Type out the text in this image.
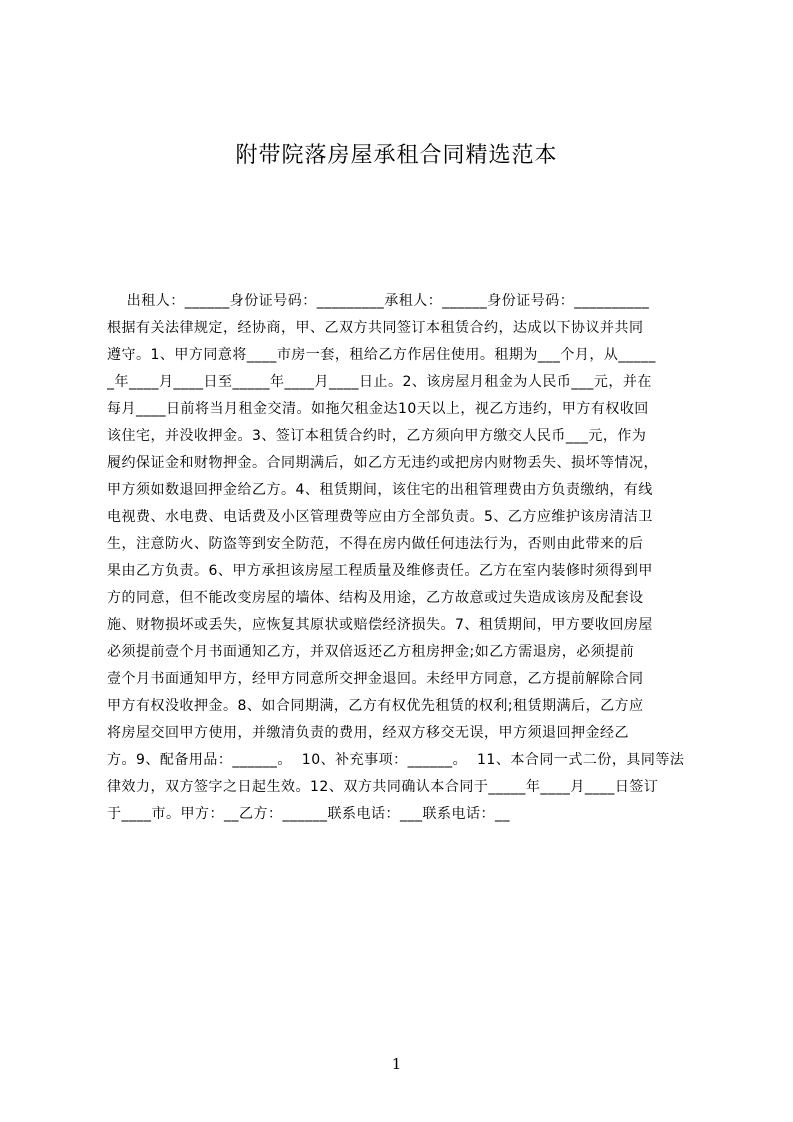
附带院落房屋承租合同精选范本
出租人：______身份证号码：_________承租人：______身份证号码：__________
根据有关法律规定，经协商，甲、乙双方共同签订本租赁合约，达成以下协议并共同
遵守。1、甲方同意将____市房一套，租给乙方作居住使用。租期为___个月，从_____
_年____月____日至_____年____月____日止。2、该房屋月租金为人民币___元，并在
每月____日前将当月租金交清。如拖欠租金达10天以上，视乙方违约，甲方有权收回
该住宅，并没收押金。3、签订本租赁合约时，乙方须向甲方缴交人民币___元，作为
履约保证金和财物押金。合同期满后，如乙方无违约或把房内财物丢失、损坏等情况，
甲方须如数退回押金给乙方。4、租赁期间，该住宅的出租管理费由方负责缴纳，有线
电视费、水电费、电话费及小区管理费等应由方全部负责。5、乙方应维护该房清洁卫
生，注意防火、防盗等到安全防范，不得在房内做任何违法行为，否则由此带来的后
果由乙方负责。6、甲方承担该房屋工程质量及维修责任。乙方在室内装修时须得到甲
方的同意，但不能改变房屋的墙体、结构及用途，乙方故意或过失造成该房及配套设
施、财物损坏或丢失，应恢复其原状或赔偿经济损失。7、租赁期间，甲方要收回房屋
必须提前壹个月书面通知乙方，并双倍返还乙方租房押金;如乙方需退房，必须提前
壹个月书面通知甲方，经甲方同意所交押金退回。未经甲方同意，乙方提前解除合同
甲方有权没收押金。8、如合同期满，乙方有权优先租赁的权利;租赁期满后，乙方应
将房屋交回甲方使用，并缴清负责的费用，经双方移交无误，甲方须退回押金经乙
方。9、配备用品：______。  10、补充事项：______。  11、本合同一式二份，具同等法
律效力，双方签字之日起生效。12、双方共同确认本合同于_____年____月____日签订
于____市。甲方：__乙方：______联系电话：___联系电话：__
1
